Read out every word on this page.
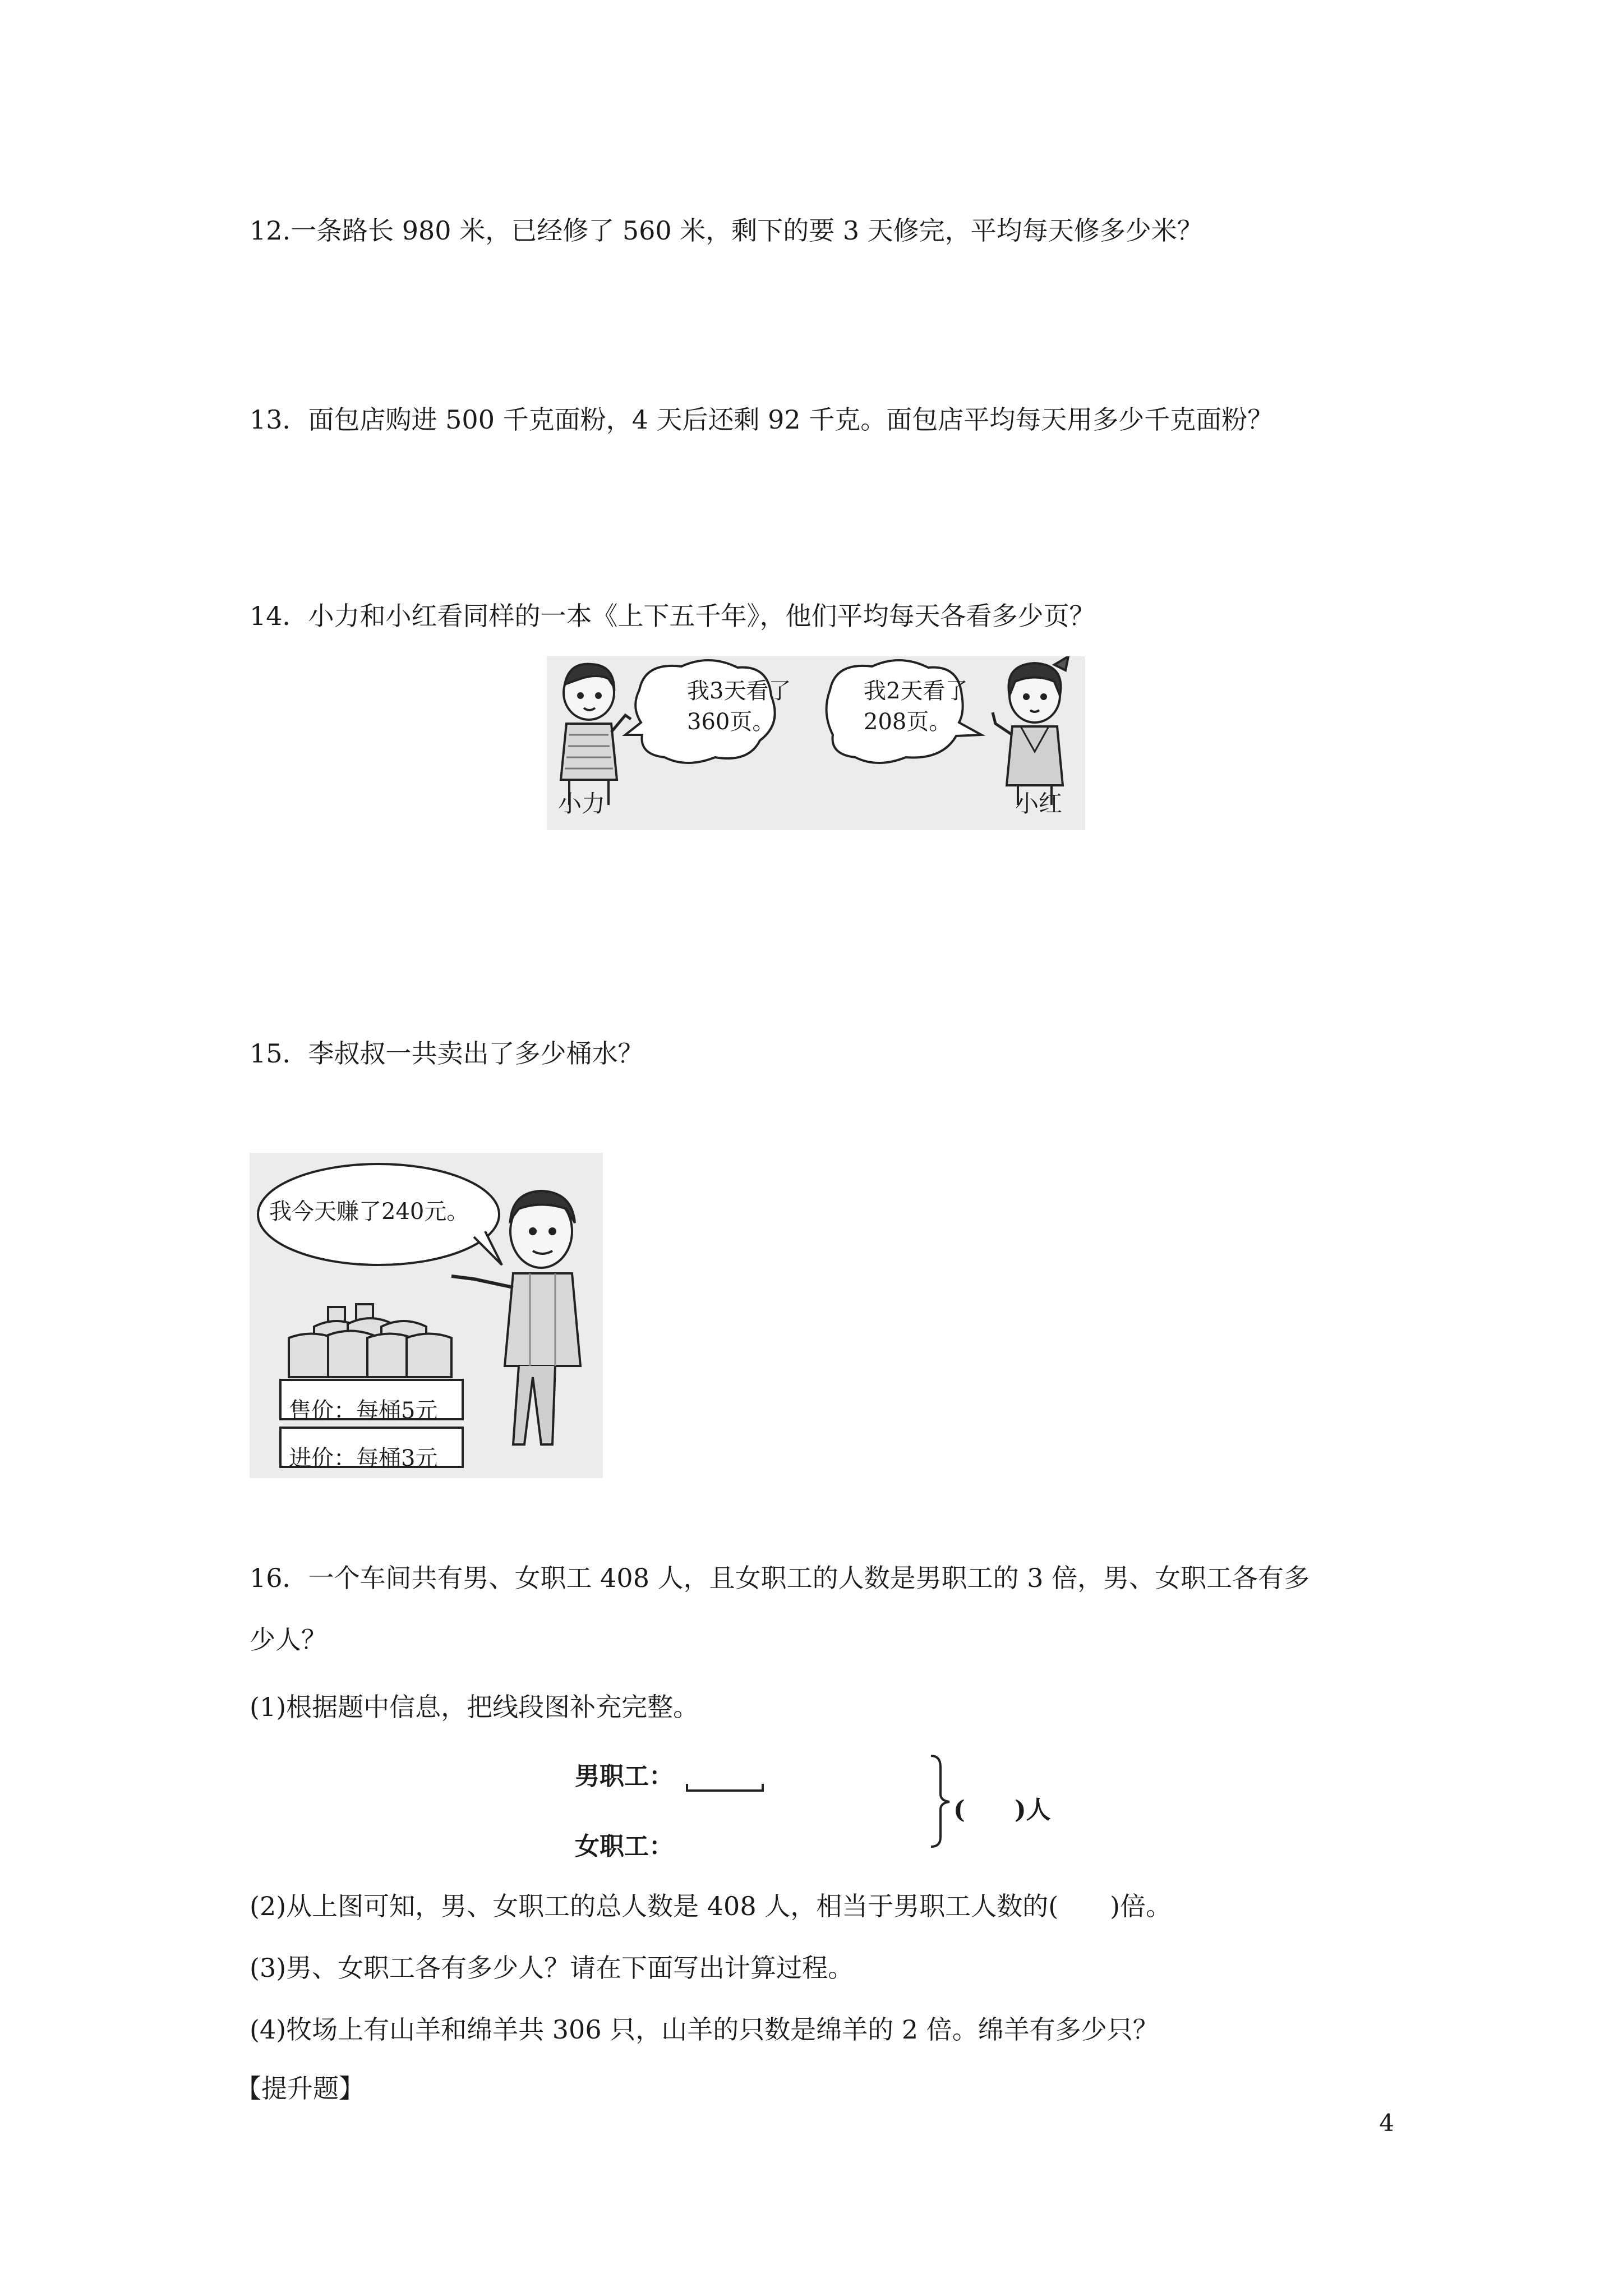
12.一条路长 980 米，已经修了 560 米，剩下的要 3 天修完，平均每天修多少米？
13．面包店购进 500 千克面粉，4 天后还剩 92 千克。面包店平均每天用多少千克面粉？
14．小力和小红看同样的一本《上下五千年》，他们平均每天各看多少页？
我3天看了
360页。
我2天看了
208页。
小力	小红
15．李叔叔一共卖出了多少桶水？
我今天赚了240元。
售价：每桶5元
进价：每桶3元
16．一个车间共有男、女职工 408 人，且女职工的人数是男职工的 3 倍，男、女职工各有多
少人？
(1)根据题中信息，把线段图补充完整。
男职工：
女职工：
(　　)人
(2)从上图可知，男、女职工的总人数是 408 人，相当于男职工人数的(　　)倍。
(3)男、女职工各有多少人？请在下面写出计算过程。
(4)牧场上有山羊和绵羊共 306 只，山羊的只数是绵羊的 2 倍。绵羊有多少只？
【提升题】
4
